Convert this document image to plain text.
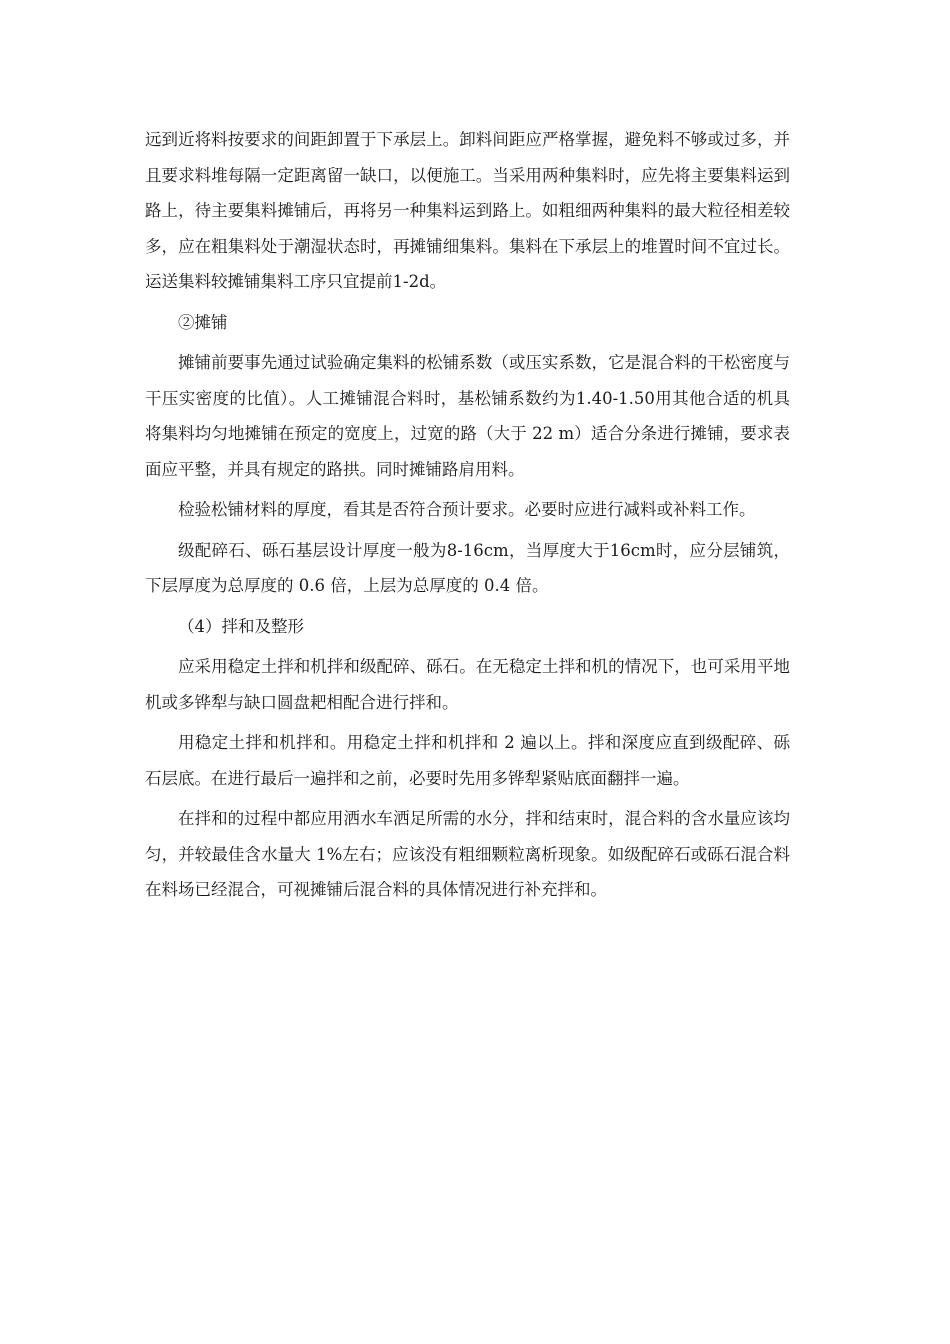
远到近将料按要求的间距卸置于下承层上。卸料间距应严格掌握，避免料不够或过多，并且要求料堆每隔一定距离留一缺口，以便施工。当采用两种集料时，应先将主要集料运到路上，待主要集料摊铺后，再将另一种集料运到路上。如粗细两种集料的最大粒径相差较多，应在粗集料处于潮湿状态时，再摊铺细集料。集料在下承层上的堆置时间不宜过长。运送集料较摊铺集料工序只宜提前1-2d。

②摊铺

摊铺前要事先通过试验确定集料的松铺系数（或压实系数，它是混合料的干松密度与干压实密度的比值）。人工摊铺混合料时，基松铺系数约为1.40-1.50用其他合适的机具将集料均匀地摊铺在预定的宽度上，过宽的路（大于 22 m）适合分条进行摊铺，要求表面应平整，并具有规定的路拱。同时摊铺路肩用料。

检验松铺材料的厚度，看其是否符合预计要求。必要时应进行减料或补料工作。

级配碎石、砾石基层设计厚度一般为8-16cm，当厚度大于16cm时，应分层铺筑，下层厚度为总厚度的 0.6 倍，上层为总厚度的 0.4 倍。

（4）拌和及整形

应采用稳定土拌和机拌和级配碎、砾石。在无稳定土拌和机的情况下，也可采用平地机或多铧犁与缺口圆盘耙相配合进行拌和。

用稳定土拌和机拌和。用稳定土拌和机拌和 2 遍以上。拌和深度应直到级配碎、砾石层底。在进行最后一遍拌和之前，必要时先用多铧犁紧贴底面翻拌一遍。

在拌和的过程中都应用洒水车洒足所需的水分，拌和结束时，混合料的含水量应该均匀，并较最佳含水量大 1%左右；应该没有粗细颗粒离析现象。如级配碎石或砾石混合料在料场已经混合，可视摊铺后混合料的具体情况进行补充拌和。
